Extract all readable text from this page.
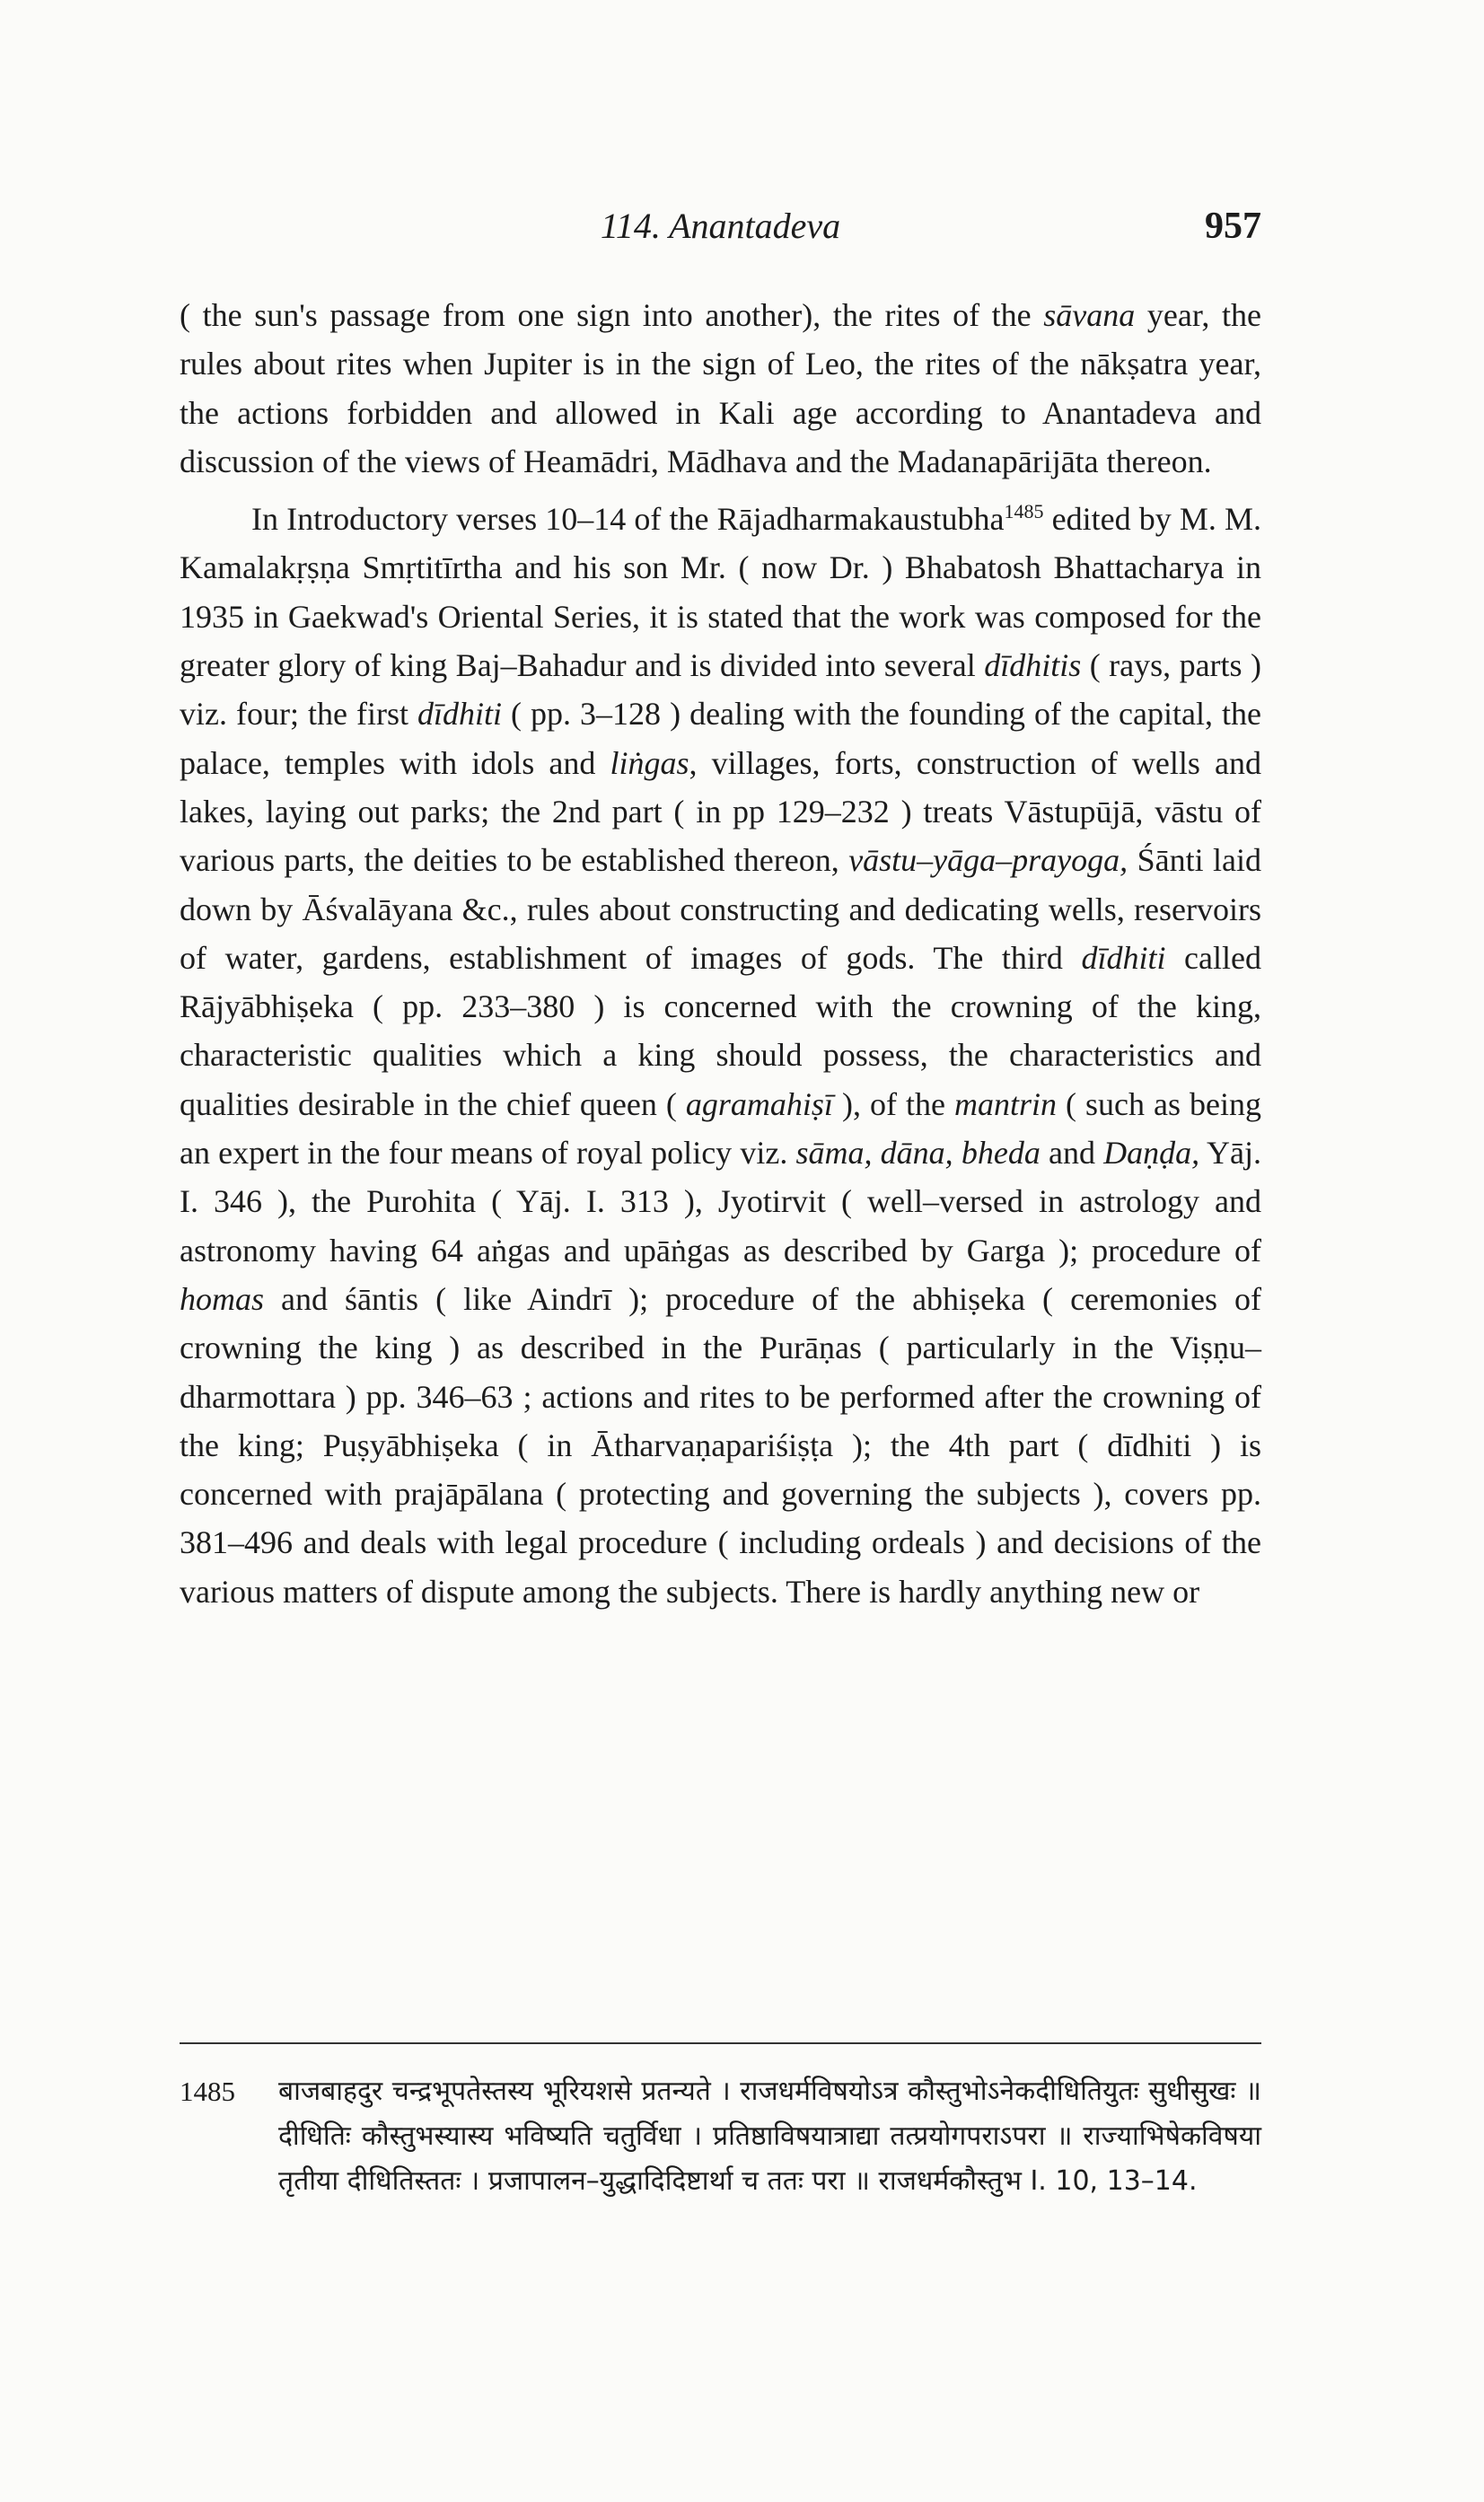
114. Anantadeva	957

( the sun's passage from one sign into another), the rites of the sāvana year, the rules about rites when Jupiter is in the sign of Leo, the rites of the nākṣatra year, the actions forbidden and allowed in Kali age according to Anantadeva and discussion of the views of Heamādri, Mādhava and the Madanapārijāta thereon.

In Introductory verses 10–14 of the Rājadharmakaustubha$^{1485}$ edited by M. M. Kamalakṛṣṇa Smṛtitīrtha and his son Mr. ( now Dr. ) Bhabatosh Bhattacharya in 1935 in Gaekwad's Oriental Series, it is stated that the work was composed for the greater glory of king Baj–Bahadur and is divided into several dīdhitis ( rays, parts ) viz. four; the first dīdhiti ( pp. 3–128 ) dealing with the founding of the capital, the palace, temples with idols and liṅgas, villages, forts, construction of wells and lakes, laying out parks; the 2nd part ( in pp 129–232 ) treats Vāstupūjā, vāstu of various parts, the deities to be established thereon, vāstu–yāga–prayoga, Śānti laid down by Āśvalāyana &c., rules about constructing and dedicating wells, reservoirs of water, gardens, establishment of images of gods. The third dīdhiti called Rājyābhiṣeka ( pp. 233–380 ) is concerned with the crowning of the king, characteristic qualities which a king should possess, the characteristics and qualities desirable in the chief queen ( agramahiṣī ), of the mantrin ( such as being an expert in the four means of royal policy viz. sāma, dāna, bheda and Daṇḍa, Yāj. I. 346 ), the Purohita ( Yāj. I. 313 ), Jyotirvit ( well–versed in astrology and astronomy having 64 aṅgas and upāṅgas as described by Garga ); procedure of homas and śāntis ( like Aindrī ); procedure of the abhiṣeka ( ceremonies of crowning the king ) as described in the Purāṇas ( particularly in the Viṣṇu–dharmottara ) pp. 346–63 ; actions and rites to be performed after the crowning of the king; Puṣyābhiṣeka ( in Ātharvaṇapariśiṣṭa ); the 4th part ( dīdhiti ) is concerned with prajāpālana ( protecting and governing the subjects ), covers pp. 381–496 and deals with legal procedure ( including ordeals ) and decisions of the various matters of dispute among the subjects. There is hardly anything new or

1485	बाजबाहदुर चन्द्रभूपतेस्तस्य भूरियशसे प्रतन्यते । राजधर्मविषयोऽत्र कौस्तुभोऽनेकदीधितियुतः सुधीसुखः ॥ दीधितिः कौस्तुभस्यास्य भविष्यति चतुर्विधा । प्रतिष्ठाविषयात्राद्या तत्प्रयोगपराऽपरा ॥ राज्याभिषेकविषया तृतीया दीधितिस्ततः । प्रजापालन–युद्धादिदिष्टार्था च ततः परा ॥ राजधर्मकौस्तुभ I. 10, 13–14.
